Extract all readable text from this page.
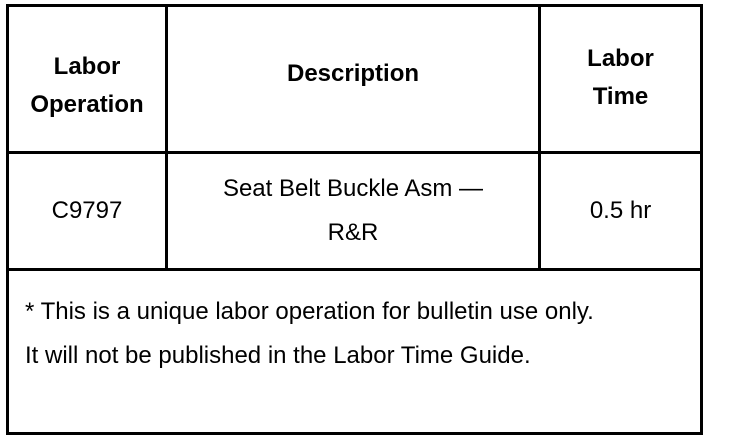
Labor
Operation
Description
Labor
Time
C9797
Seat Belt Buckle Asm —
R&R
0.5 hr
* This is a unique labor operation for bulletin use only. It will not be published in the Labor Time Guide.
